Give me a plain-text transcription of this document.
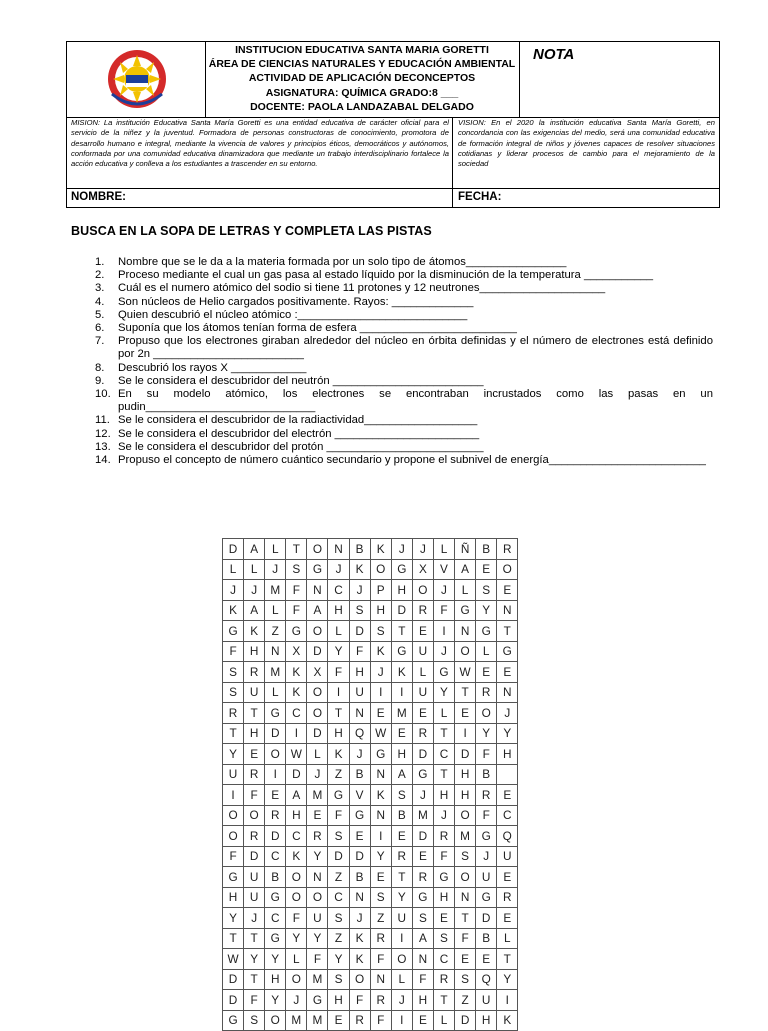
INSTITUCION EDUCATIVA SANTA MARIA GORETTI
ÁREA DE CIENCIAS NATURALES Y EDUCACIÓN AMBIENTAL
ACTIVIDAD DE APLICACIÓN DECONCEPTOS
ASIGNATURA: QUÍMICA GRADO:8 ___
DOCENTE: PAOLA LANDAZABAL DELGADO
NOTA
MISION: La institución Educativa Santa María Goretti es una entidad educativa de carácter oficial para el servicio de la niñez y la juventud. Formadora de personas constructoras de conocimiento, promotora de desarrollo humano e integral, mediante la vivencia de valores y principios éticos, democráticos y autónomos, conformada por una comunidad educativa dinamizadora que mediante un trabajo interdisciplinario fortalece la acción educativa y conlleva a los estudiantes a trascender en su entorno.
VISION: En el 2020 la institución educativa Santa María Goretti, en concordancia con las exigencias del medio, será una comunidad educativa de formación integral de niños y jóvenes capaces de resolver situaciones cotidianas y liderar procesos de cambio para el mejoramiento de la sociedad
NOMBRE:	FECHA:
BUSCA EN LA SOPA DE LETRAS Y COMPLETA LAS PISTAS
1. Nombre que se le da a la materia formada por un solo tipo de átomos________________
2. Proceso mediante el cual un gas pasa al estado líquido por la disminución de la temperatura ___________
3. Cuál es el numero atómico del sodio si tiene 11 protones y 12 neutrones____________________
4. Son núcleos de Helio cargados positivamente. Rayos: _____________
5. Quien descubrió el núcleo atómico :___________________________
6. Suponía que los átomos tenían forma de esfera _________________________
7. Propuso que los electrones giraban alrededor del núcleo en órbita definidas y el número de electrones está definido por 2n ________________________
8. Descubrió los rayos X ____________
9. Se le considera el descubridor del neutrón ________________________
10. En su modelo atómico, los electrones se encontraban incrustados como las pasas en un pudin___________________________
11. Se le considera el descubridor de la radiactividad__________________
12. Se le considera el descubridor del electrón _______________________
13. Se le considera el descubridor del protón _________________________
14. Propuso el concepto de número cuántico secundario y propone el subnivel de energía_________________________
D	A	L	T	O	N	B	K	J	J	L	Ñ	B	R
L	L	J	S	G	J	K	O	G	X	V	A	E	O
J	J	M	F	N	C	J	P	H	O	J	L	S	E
K	A	L	F	A	H	S	H	D	R	F	G	Y	N
G	K	Z	G	O	L	D	S	T	E	I	N	G	T
F	H	N	X	D	Y	F	K	G	U	J	O	L	G
S	R	M	K	X	F	H	J	K	L	G	W	E	E
S	U	L	K	O	I	U	I	I	U	Y	T	R	N
R	T	G	C	O	T	N	E	M	E	L	E	O	J
T	H	D	I	D	H	Q	W	E	R	T	I	Y	Y
Y	E	O	W	L	K	J	G	H	D	C	D	F	H
U	R	I	D	J	Z	B	N	A	G	T	H	B	
I	F	E	A	M	G	V	K	S	J	H	H	R	E
O	O	R	H	E	F	G	N	B	M	J	O	F	C
O	R	D	C	R	S	E	I	E	D	R	M	G	Q
F	D	C	K	Y	D	D	Y	R	E	F	S	J	U
G	U	B	O	N	Z	B	E	T	R	G	O	U	E
H	U	G	O	O	C	N	S	Y	G	H	N	G	R
Y	J	C	F	U	S	J	Z	U	S	E	T	D	E
T	T	G	Y	Y	Z	K	R	I	A	S	F	B	L
W	Y	Y	L	F	Y	K	F	O	N	C	E	E	T
D	T	H	O	M	S	O	N	L	F	R	S	Q	Y
D	F	Y	J	G	H	F	R	J	H	T	Z	U	I
G	S	O	M	M	E	R	F	I	E	L	D	H	K
